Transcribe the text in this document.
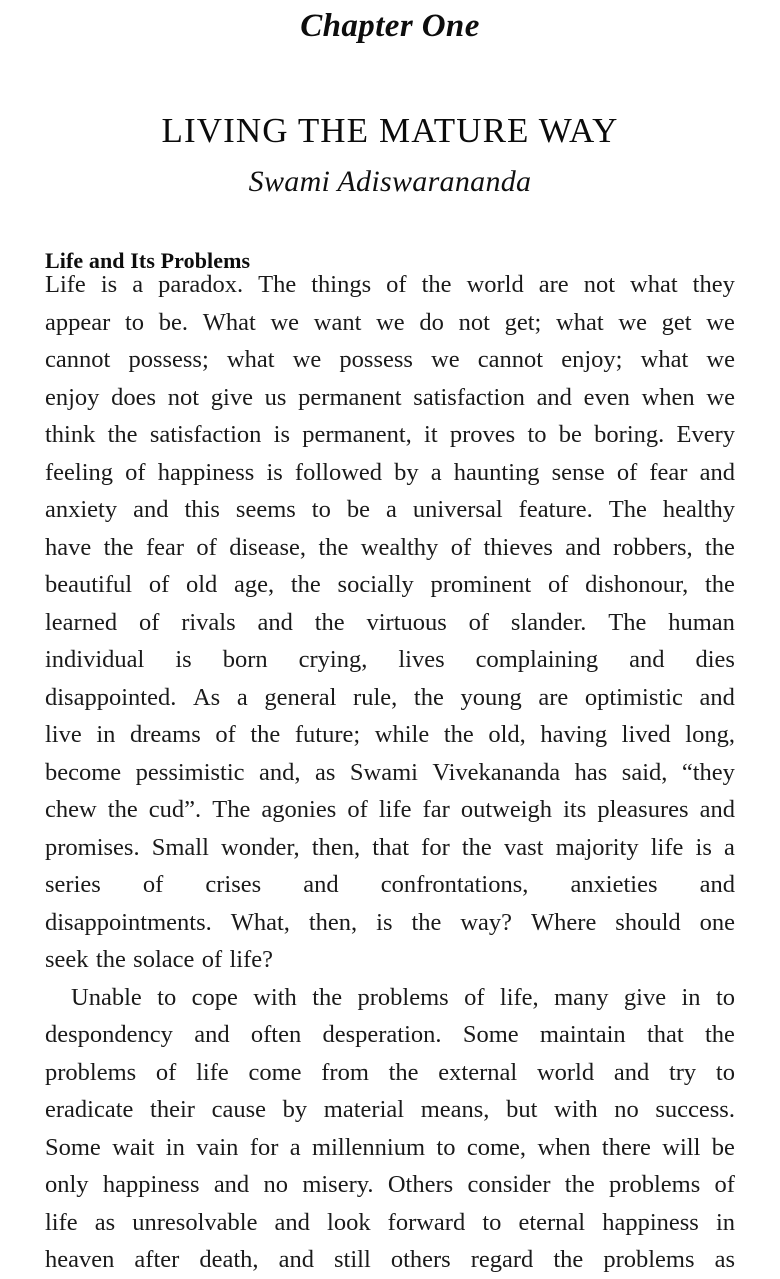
Chapter One
LIVING THE MATURE WAY
Swami Adiswarananda
Life and Its Problems
Life is a paradox. The things of the world are not what they
appear to be. What we want we do not get; what we get we
cannot possess; what we possess we cannot enjoy; what we
enjoy does not give us permanent satisfaction and even when we
think the satisfaction is permanent, it proves to be boring. Every
feeling of happiness is followed by a haunting sense of fear and
anxiety and this seems to be a universal feature. The healthy
have the fear of disease, the wealthy of thieves and robbers, the
beautiful of old age, the socially prominent of dishonour, the
learned of rivals and the virtuous of slander. The human
individual is born crying, lives complaining and dies
disappointed. As a general rule, the young are optimistic and
live in dreams of the future; while the old, having lived long,
become pessimistic and, as Swami Vivekananda has said, “they
chew the cud”. The agonies of life far outweigh its pleasures and
promises. Small wonder, then, that for the vast majority life is a
series of crises and confrontations, anxieties and
disappointments. What, then, is the way? Where should one
seek the solace of life?
Unable to cope with the problems of life, many give in to
despondency and often desperation. Some maintain that the
problems of life come from the external world and try to
eradicate their cause by material means, but with no success.
Some wait in vain for a millennium to come, when there will be
only happiness and no misery. Others consider the problems of
life as unresolvable and look forward to eternal happiness in
heaven after death, and still others regard the problems as
